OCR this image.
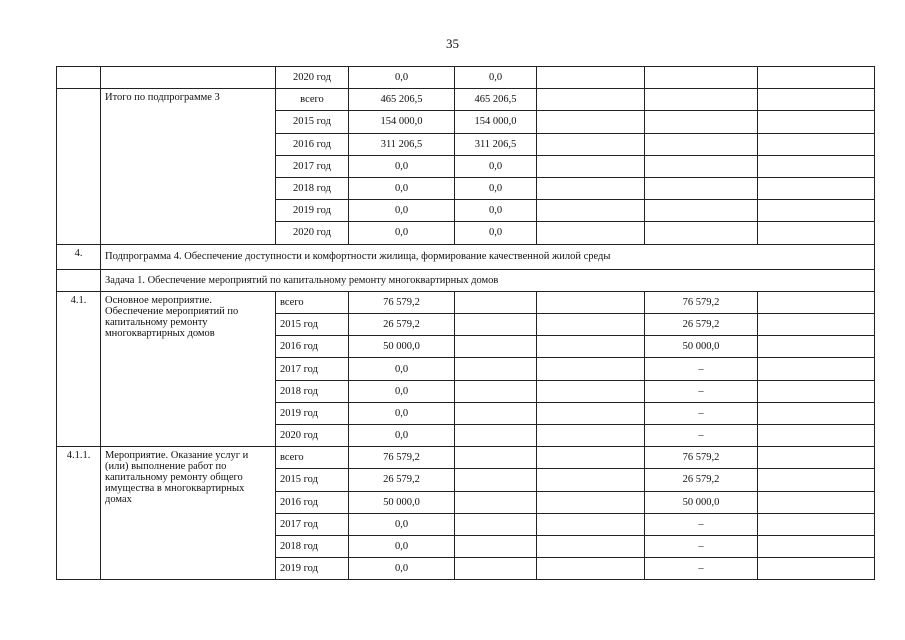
35
		2020 год	0,0	0,0			
	Итого по подпрограмме 3	всего	465 206,5	465 206,5			
		2015 год	154 000,0	154 000,0			
		2016 год	311 206,5	311 206,5			
		2017 год	0,0	0,0			
		2018 год	0,0	0,0			
		2019 год	0,0	0,0			
		2020 год	0,0	0,0			
4.	Подпрограмма 4. Обеспечение доступности и комфортности жилища, формирование качественной жилой среды						
	Задача 1. Обеспечение мероприятий по капитальному ремонту многоквартирных домов						
4.1.	Основное мероприятие. Обеспечение мероприятий по капитальному ремонту многоквартирных домов	всего	76 579,2			76 579,2	
		2015 год	26 579,2			26 579,2	
		2016 год	50 000,0			50 000,0	
		2017 год	0,0			–	
		2018 год	0,0			–	
		2019 год	0,0			–	
		2020 год	0,0			–	
4.1.1.	Мероприятие. Оказание услуг и (или) выполнение работ по капитальному ремонту общего имущества в многоквартирных домах	всего	76 579,2			76 579,2	
		2015 год	26 579,2			26 579,2	
		2016 год	50 000,0			50 000,0	
		2017 год	0,0			–	
		2018 год	0,0			–	
		2019 год	0,0			–	
